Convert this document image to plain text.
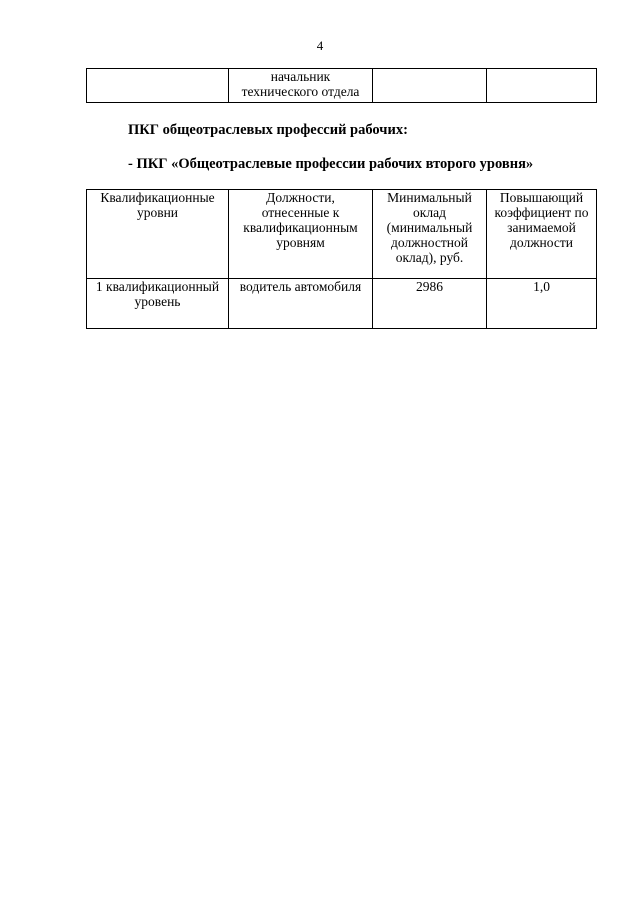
4
	начальник технического отдела		
ПКГ общеотраслевых профессий рабочих:
- ПКГ «Общеотраслевые профессии рабочих второго уровня»
Квалификационные уровни	Должности, отнесенные к квалификационным уровням	Минимальный оклад (минимальный должностной оклад), руб.	Повышающий коэффициент по занимаемой должности
1 квалификационный уровень	водитель автомобиля	2986	1,0
